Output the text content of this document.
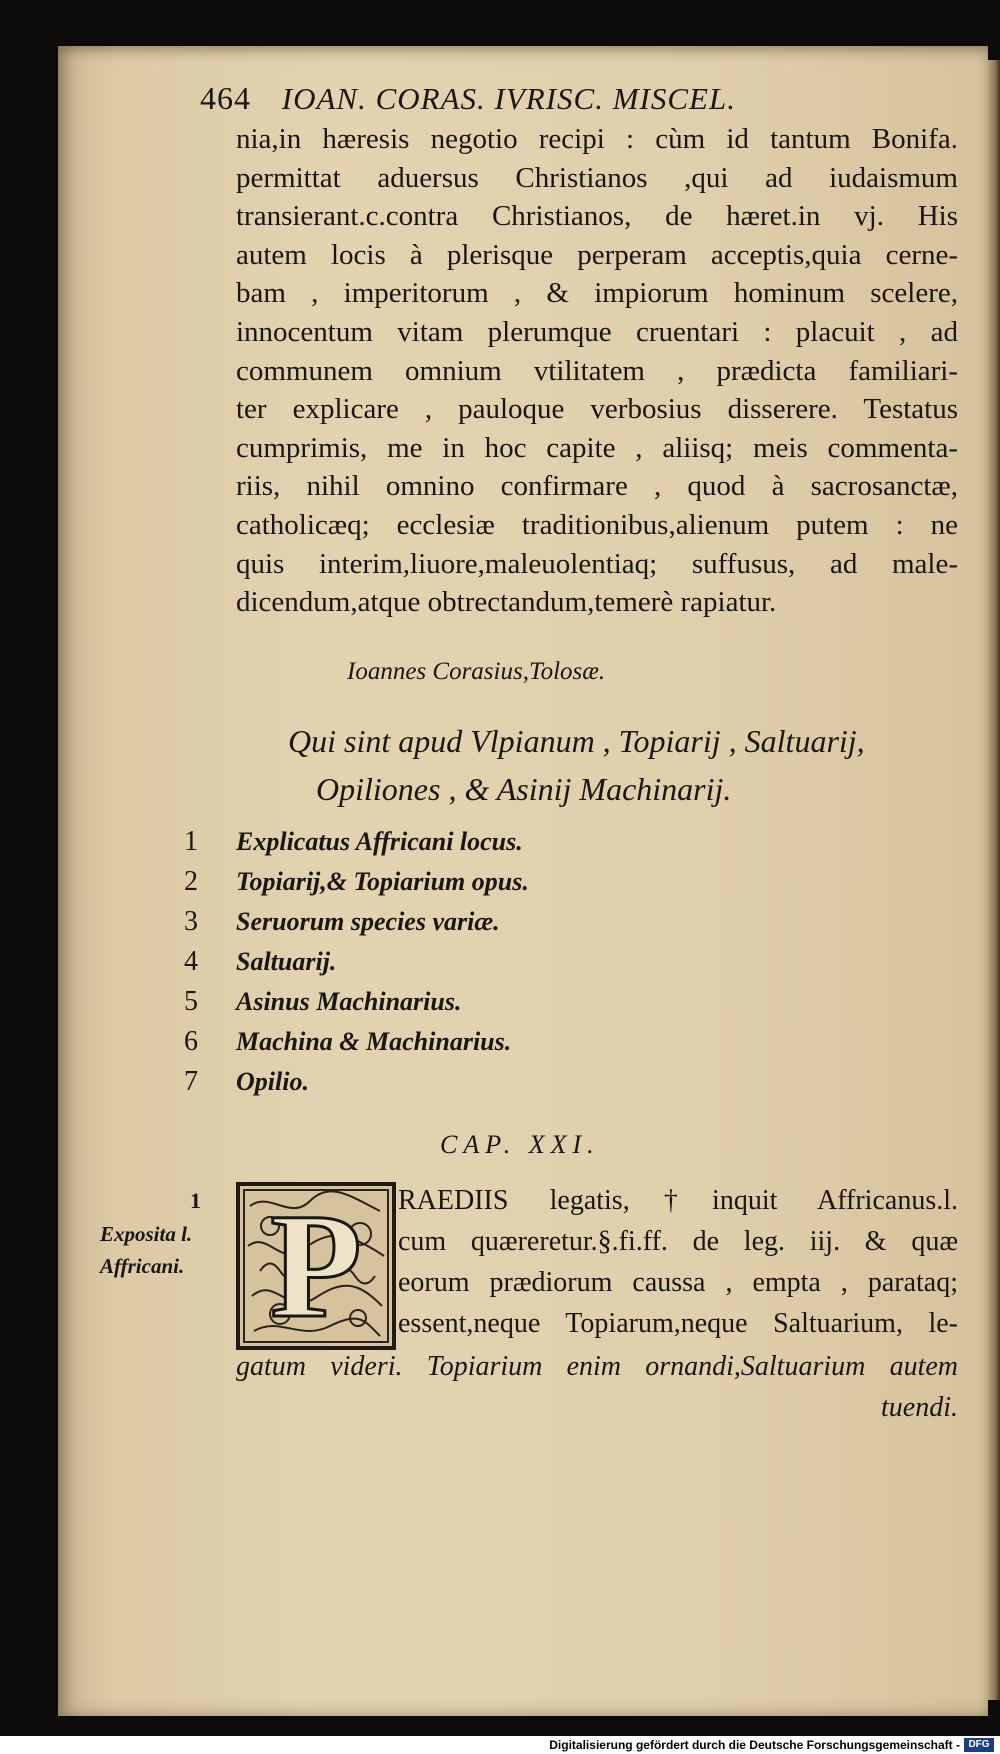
464 IOAN. CORAS. IVRISC. MISCEL.
nia,in hæresis negotio recipi : cùm id tantum Bonifa.
permittat aduersus Christianos ,qui ad iudaismum
transierant.c.contra Christianos, de hæret.in vj. His
autem locis à plerisque perperam acceptis,quia cerne-
bam , imperitorum , & impiorum hominum scelere,
innocentum vitam plerumque cruentari : placuit , ad
communem omnium vtilitatem , prædicta familiari-
ter explicare , pauloque verbosius disserere. Testatus
cumprimis, me in hoc capite , aliisq; meis commenta-
riis, nihil omnino confirmare , quod à sacrosanctæ,
catholicæq; ecclesiæ traditionibus,alienum putem : ne
quis interim,liuore,maleuolentiaq; suffusus, ad male-
dicendum,atque obtrectandum,temerè rapiatur.
Ioannes Corasius,Tolosæ.
Qui sint apud Vlpianum , Topiarij , Saltuarij,
Opiliones , & Asinij Machinarij.
1 Explicatus Affricani locus.
2 Topiarij,& Topiarium opus.
3 Seruorum species variæ.
4 Saltuarij.
5 Asinus Machinarius.
6 Machina & Machinarius.
7 Opilio.
CAP. XXI.
1
Exposita l.
Affricani. P	RAEDIIS legatis,†inquit Affricanus.l.
cum quæreretur.§.fi.ff. de leg. iij. & quæ
eorum prædiorum caussa , empta , parataq;
essent,neque Topiarum,neque Saltuarium, le-
gatum videri. Topiarium enim ornandi,Saltuarium autem
tuendi.
Digitalisierung gefördert durch die Deutsche Forschungsgemeinschaft - DFG
